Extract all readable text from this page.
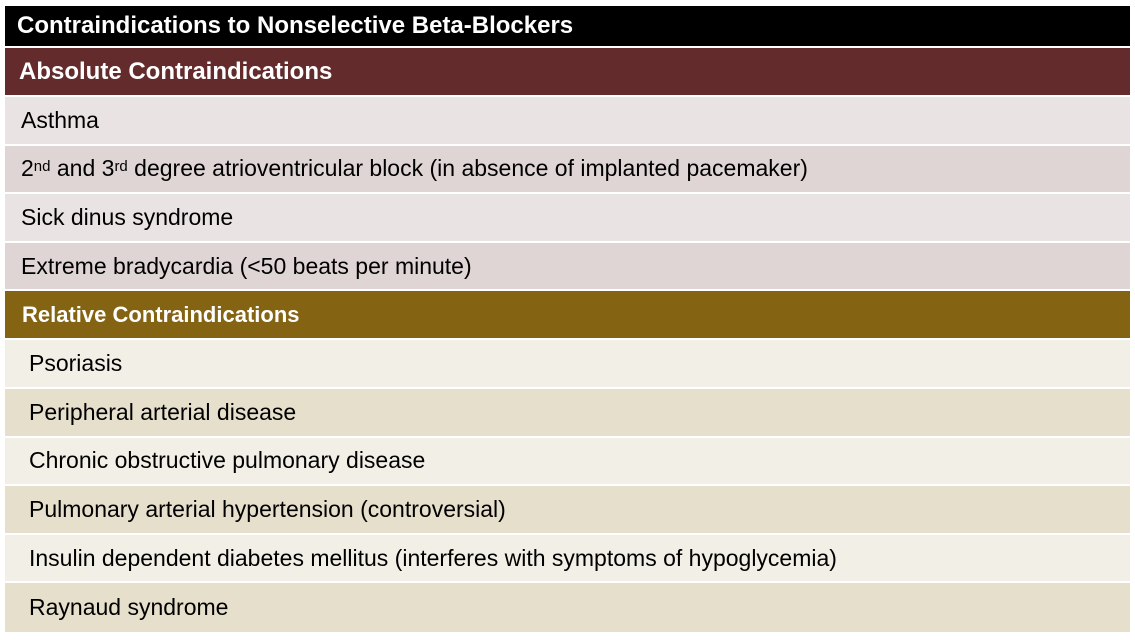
Contraindications to Nonselective Beta-Blockers
Absolute Contraindications
Asthma
2nd and 3rd degree atrioventricular block (in absence of implanted pacemaker)
Sick dinus syndrome
Extreme bradycardia (<50 beats per minute)
Relative Contraindications
Psoriasis
Peripheral arterial disease
Chronic obstructive pulmonary disease
Pulmonary arterial hypertension (controversial)
Insulin dependent diabetes mellitus (interferes with symptoms of hypoglycemia)
Raynaud syndrome
